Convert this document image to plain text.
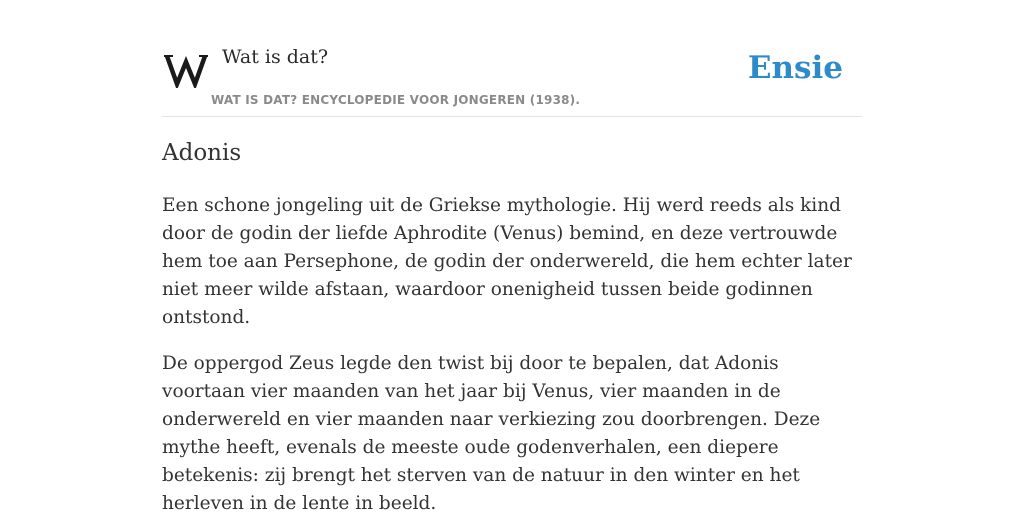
Wat is dat?
WAT IS DAT? ENCYCLOPEDIE VOOR JONGEREN (1938).
Ensie
Adonis

Een schone jongeling uit de Griekse mythologie. Hij werd reeds als kind door de godin der liefde Aphrodite (Venus) bemind, en deze vertrouwde hem toe aan Persephone, de godin der onderwereld, die hem echter later niet meer wilde afstaan, waardoor onenigheid tussen beide godinnen ontstond.

De oppergod Zeus legde den twist bij door te bepalen, dat Adonis voortaan vier maanden van het jaar bij Venus, vier maanden in de onderwereld en vier maanden naar verkiezing zou doorbrengen. Deze mythe heeft, evenals de meeste oude godenverhalen, een diepere betekenis: zij brengt het sterven van de natuur in den winter en het herleven in de lente in beeld.
